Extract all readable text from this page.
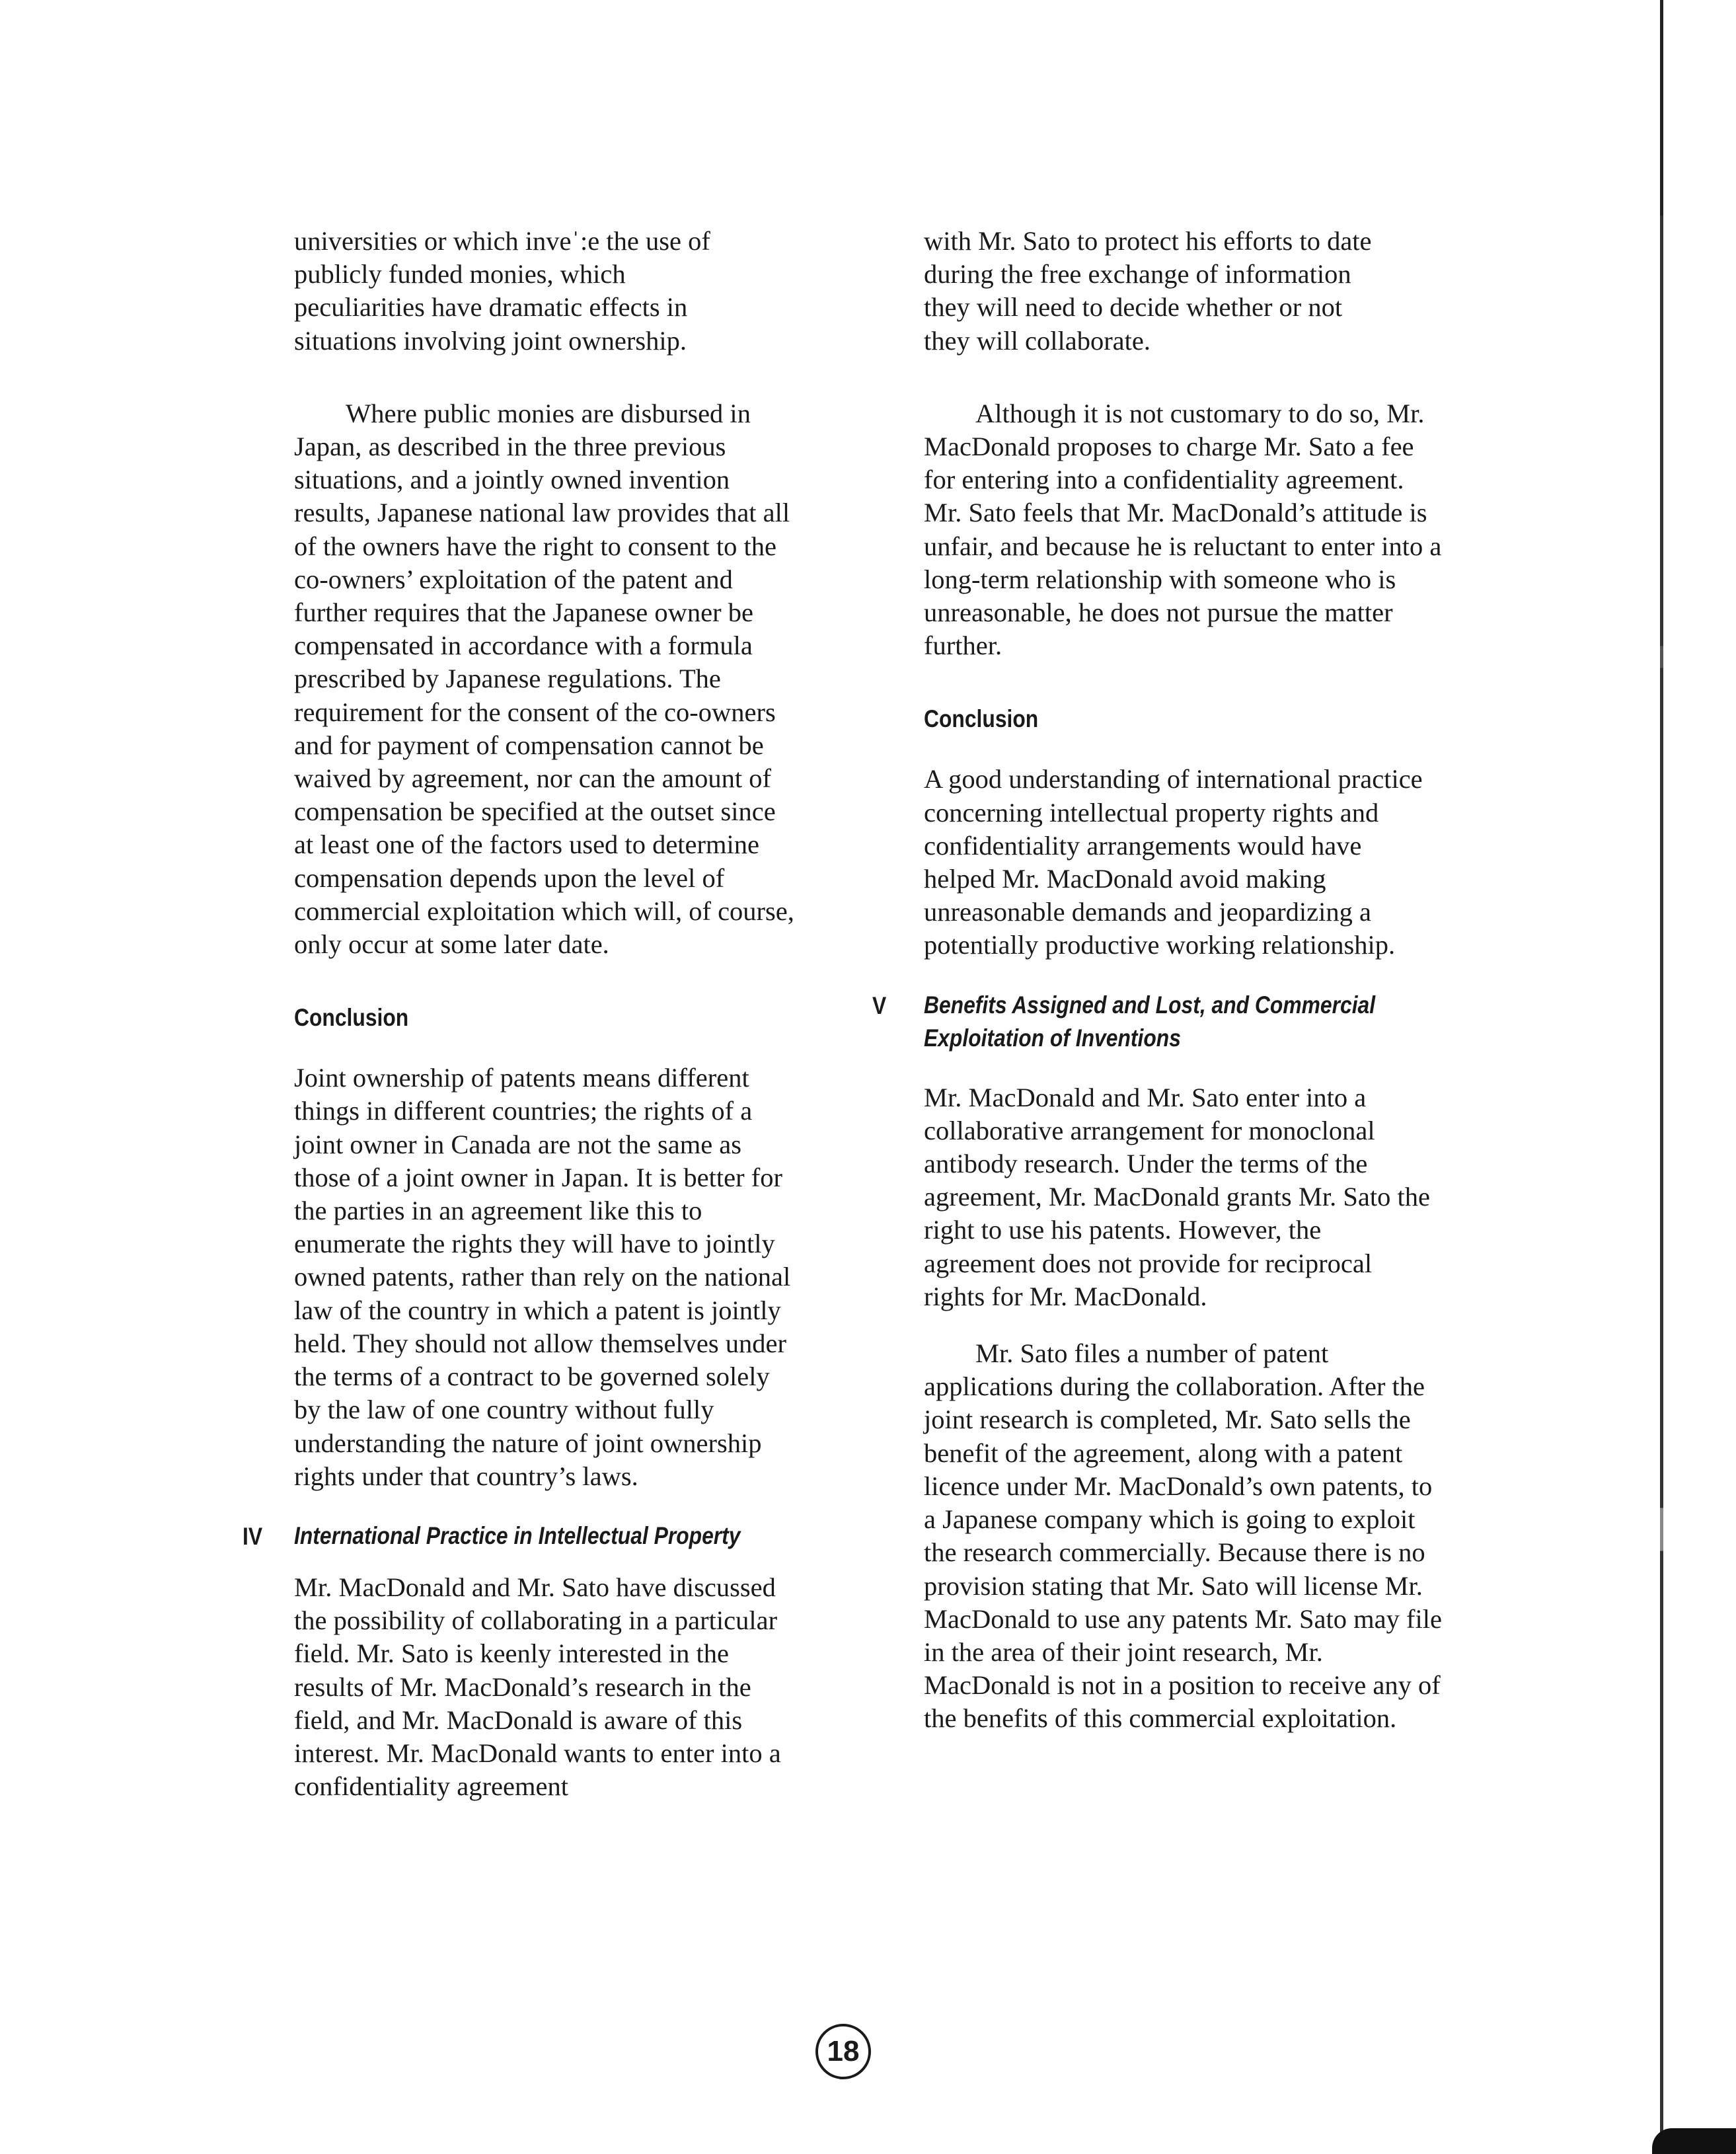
universities or which inveˈ:e the use of publicly funded monies, which peculiarities have dramatic effects in situations involving joint ownership.

Where public monies are disbursed in Japan, as described in the three previous situations, and a jointly owned invention results, Japanese national law provides that all of the owners have the right to consent to the co-owners’ exploitation of the patent and further requires that the Japanese owner be compensated in accordance with a formula prescribed by Japanese regulations. The requirement for the consent of the co-owners and for payment of compensation cannot be waived by agreement, nor can the amount of compensation be specified at the outset since at least one of the factors used to determine compensation depends upon the level of commercial exploitation which will, of course, only occur at some later date.

Conclusion

Joint ownership of patents means different things in different countries; the rights of a joint owner in Canada are not the same as those of a joint owner in Japan. It is better for the parties in an agreement like this to enumerate the rights they will have to jointly owned patents, rather than rely on the national law of the country in which a patent is jointly held. They should not allow themselves under the terms of a contract to be governed solely by the law of one country without fully understanding the nature of joint ownership rights under that country’s laws.

IV International Practice in Intellectual Property

Mr. MacDonald and Mr. Sato have discussed the possibility of collaborating in a particular field. Mr. Sato is keenly interested in the results of Mr. MacDonald’s research in the field, and Mr. MacDonald is aware of this interest. Mr. MacDonald wants to enter into a confidentiality agreement

with Mr. Sato to protect his efforts to date during the free exchange of information they will need to decide whether or not they will collaborate.

Although it is not customary to do so, Mr. MacDonald proposes to charge Mr. Sato a fee for entering into a confidentiality agreement. Mr. Sato feels that Mr. MacDonald’s attitude is unfair, and because he is reluctant to enter into a long-term relationship with someone who is unreasonable, he does not pursue the matter further.

Conclusion

A good understanding of international practice concerning intellectual property rights and confidentiality arrangements would have helped Mr. MacDonald avoid making unreasonable demands and jeopardizing a potentially productive working relationship.

V Benefits Assigned and Lost, and Commercial Exploitation of Inventions

Mr. MacDonald and Mr. Sato enter into a collaborative arrangement for monoclonal antibody research. Under the terms of the agreement, Mr. MacDonald grants Mr. Sato the right to use his patents. However, the agreement does not provide for reciprocal rights for Mr. MacDonald.

Mr. Sato files a number of patent applications during the collaboration. After the joint research is completed, Mr. Sato sells the benefit of the agreement, along with a patent licence under Mr. MacDonald’s own patents, to a Japanese company which is going to exploit the research commercially. Because there is no provision stating that Mr. Sato will license Mr. MacDonald to use any patents Mr. Sato may file in the area of their joint research, Mr. MacDonald is not in a position to receive any of the benefits of this commercial exploitation.

18
